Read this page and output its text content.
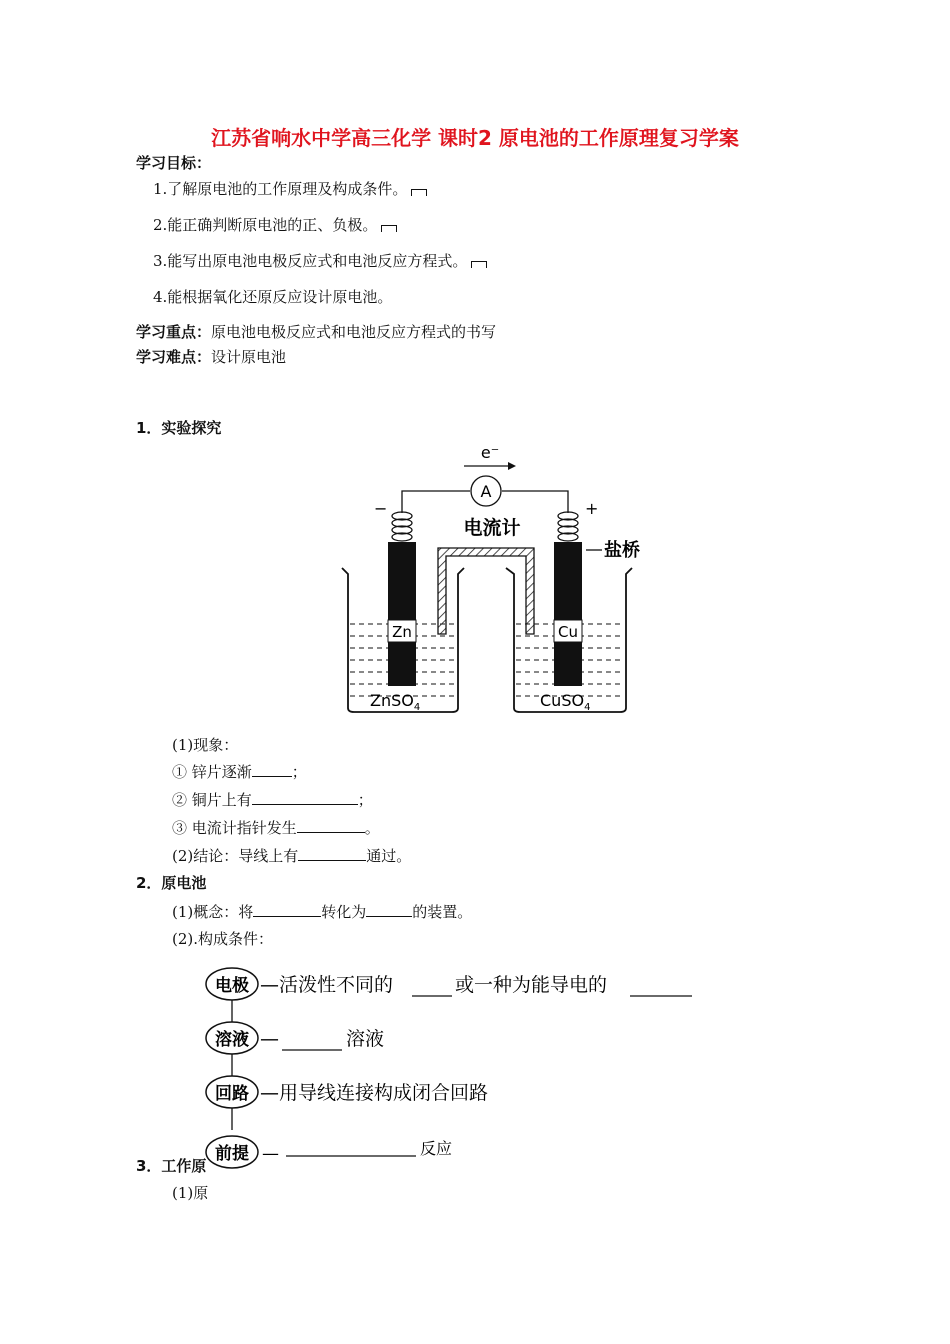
江苏省响水中学高三化学 课时2 原电池的工作原理复习学案
学习目标：
1.了解原电池的工作原理及构成条件。
2.能正确判断原电池的正、负极。
3.能写出原电池电极反应式和电池反应方程式。
4.能根据氧化还原反应设计原电池。
学习重点：原电池电极反应式和电池反应方程式的书写
学习难点：设计原电池
1．实验探究
e⁻
A
−	+
电流计
盐桥
Zn	Cu
ZnSO$_4$	CuSO$_4$
(1)现象：
① 锌片逐渐	；
② 铜片上有	；
③ 电流计指针发生	。
(2)结论：导线上有	通过。
2．原电池
(1)概念：将	转化为	的装置。
(2).构成条件：
电极 —活泼性不同的	或一种为能导电的
溶液 —	溶液
回路 —用导线连接构成闭合回路
前提 —	反应
3．工作原
(1)原
